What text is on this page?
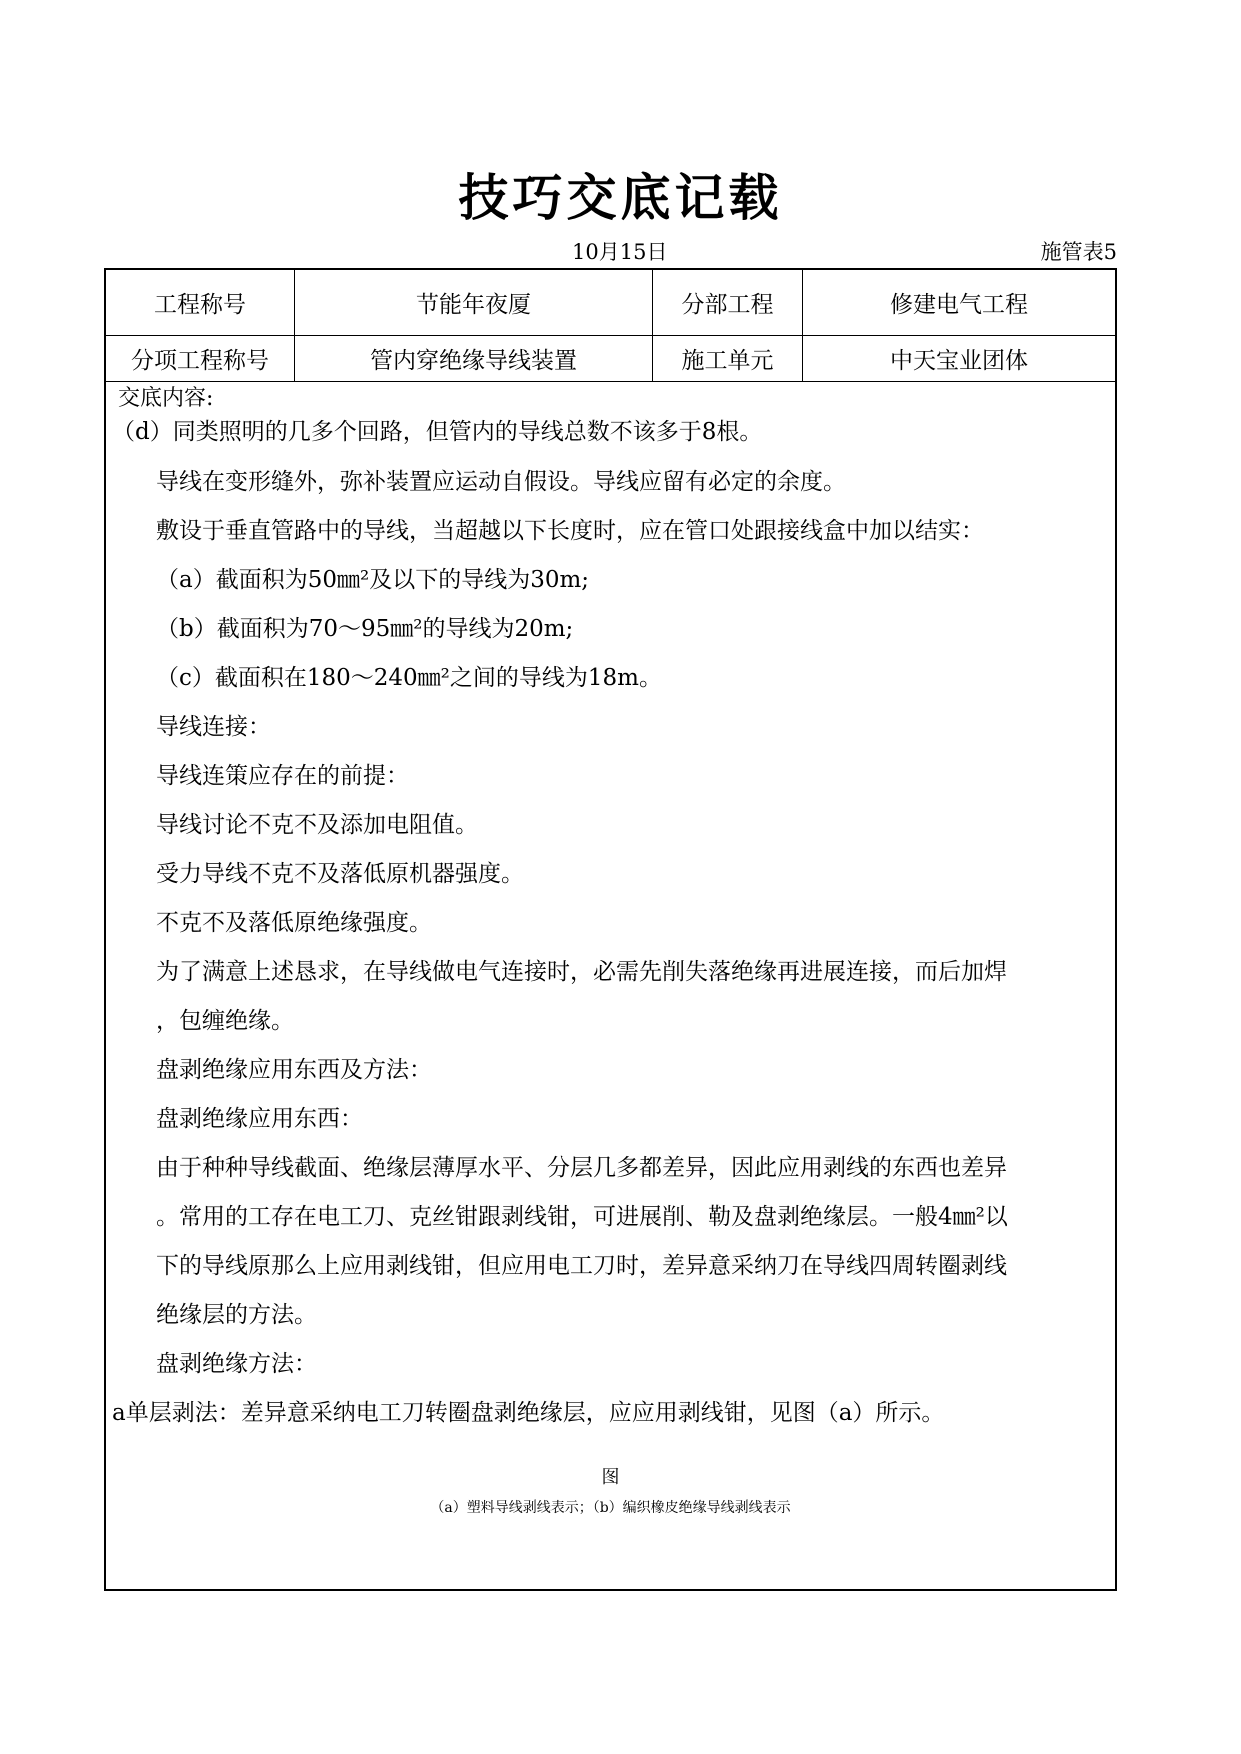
技巧交底记载
10月15日	施管表5
工程称号	节能年夜厦	分部工程	修建电气工程
分项工程称号	管内穿绝缘导线装置	施工单元	中天宝业团体
交底内容:
（d）同类照明的几多个回路，但管内的导线总数不该多于8根。
导线在变形缝外，弥补装置应运动自假设。导线应留有必定的余度。
敷设于垂直管路中的导线，当超越以下长度时，应在管口处跟接线盒中加以结实：
（a）截面积为50㎜²及以下的导线为30m;
（b）截面积为70～95㎜²的导线为20m;
（c）截面积在180～240㎜²之间的导线为18m。
导线连接：
导线连策应存在的前提：
导线讨论不克不及添加电阻值。
受力导线不克不及落低原机器强度。
不克不及落低原绝缘强度。
为了满意上述恳求，在导线做电气连接时，必需先削失落绝缘再进展连接，而后加焊
，包缠绝缘。
盘剥绝缘应用东西及方法：
盘剥绝缘应用东西：
由于种种导线截面、绝缘层薄厚水平、分层几多都差异，因此应用剥线的东西也差异
。常用的工存在电工刀、克丝钳跟剥线钳，可进展削、勒及盘剥绝缘层。一般4㎜²以
下的导线原那么上应用剥线钳，但应用电工刀时，差异意采纳刀在导线四周转圈剥线
绝缘层的方法。
盘剥绝缘方法：
a单层剥法：差异意采纳电工刀转圈盘剥绝缘层，应应用剥线钳，见图（a）所示。
图
（a）塑料导线剥线表示；（b）编织橡皮绝缘导线剥线表示
